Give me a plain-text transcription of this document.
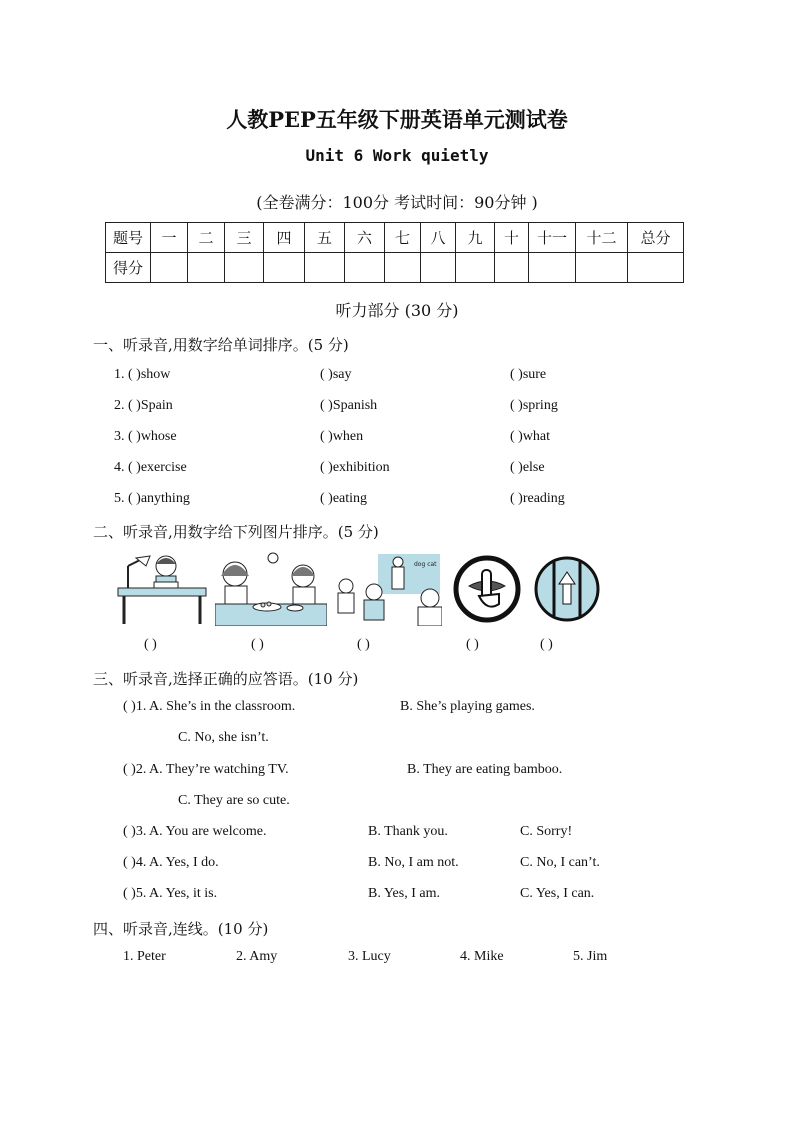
人教PEP五年级下册英语单元测试卷
Unit 6 Work quietly
(全卷满分：100分 考试时间：90分钟 )
题号	一	二	三	四	五	六	七	八	九	十	十一	十二	总分
得分													
听力部分 (30 分)
一、听录音,用数字给单词排序。(5 分)
1. ( )show	( )say	( )sure
2. ( )Spain	( )Spanish	( )spring
3. ( )whose	( )when	( )what
4. ( )exercise	( )exhibition	( )else
5. ( )anything	( )eating	( )reading
二、听录音,用数字给下列图片排序。(5 分)
dog cat
( )	( )	( )	( )	( )
三、听录音,选择正确的应答语。(10 分)
( )1. A. She’s in the classroom.	B. She’s playing games.
C. No, she isn’t.
( )2. A. They’re watching TV.	B. They are eating bamboo.
C. They are so cute.
( )3. A. You are welcome.	B. Thank you.	C. Sorry!
( )4. A. Yes, I do.	B. No, I am not.	C. No, I can’t.
( )5. A. Yes, it is.	B. Yes, I am.	C. Yes, I can.
四、听录音,连线。(10 分)
1. Peter	2. Amy	3. Lucy	4. Mike	5. Jim
